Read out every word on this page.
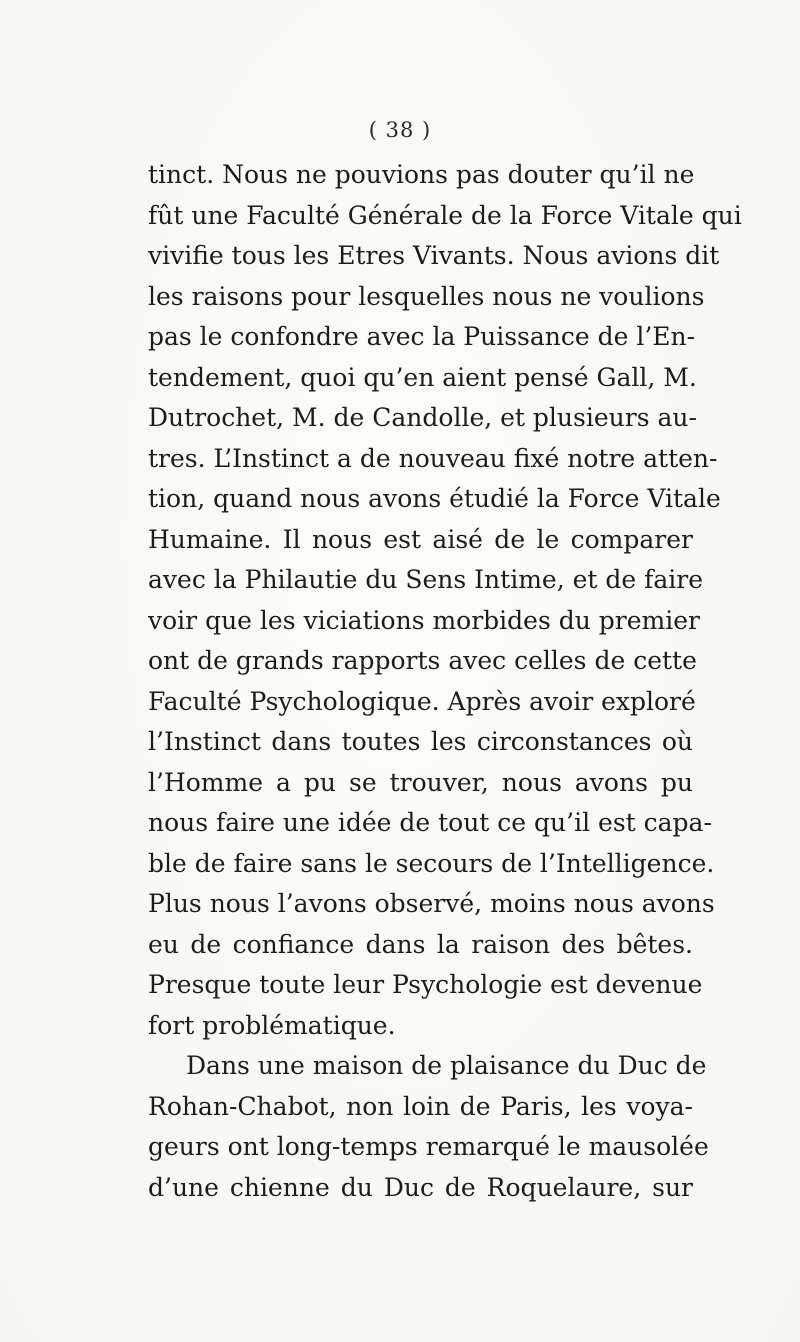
( 38 )
tinct. Nous ne pouvions pas douter qu’il ne
fût une Faculté Générale de la Force Vitale qui
vivifie tous les Etres Vivants. Nous avions dit
les raisons pour lesquelles nous ne voulions
pas le confondre avec la Puissance de l’En-
tendement, quoi qu’en aient pensé Gall, M.
Dutrochet, M. de Candolle, et plusieurs au-
tres. L’Instinct a de nouveau fixé notre atten-
tion, quand nous avons étudié la Force Vitale
Humaine. Il nous est aisé de le comparer
avec la Philautie du Sens Intime, et de faire
voir que les viciations morbides du premier
ont de grands rapports avec celles de cette
Faculté Psychologique. Après avoir exploré
l’Instinct dans toutes les circonstances où
l’Homme a pu se trouver, nous avons pu
nous faire une idée de tout ce qu’il est capa-
ble de faire sans le secours de l’Intelligence.
Plus nous l’avons observé, moins nous avons
eu de confiance dans la raison des bêtes.
Presque toute leur Psychologie est devenue
fort problématique.
Dans une maison de plaisance du Duc de
Rohan-Chabot, non loin de Paris, les voya-
geurs ont long-temps remarqué le mausolée
d’une chienne du Duc de Roquelaure, sur
